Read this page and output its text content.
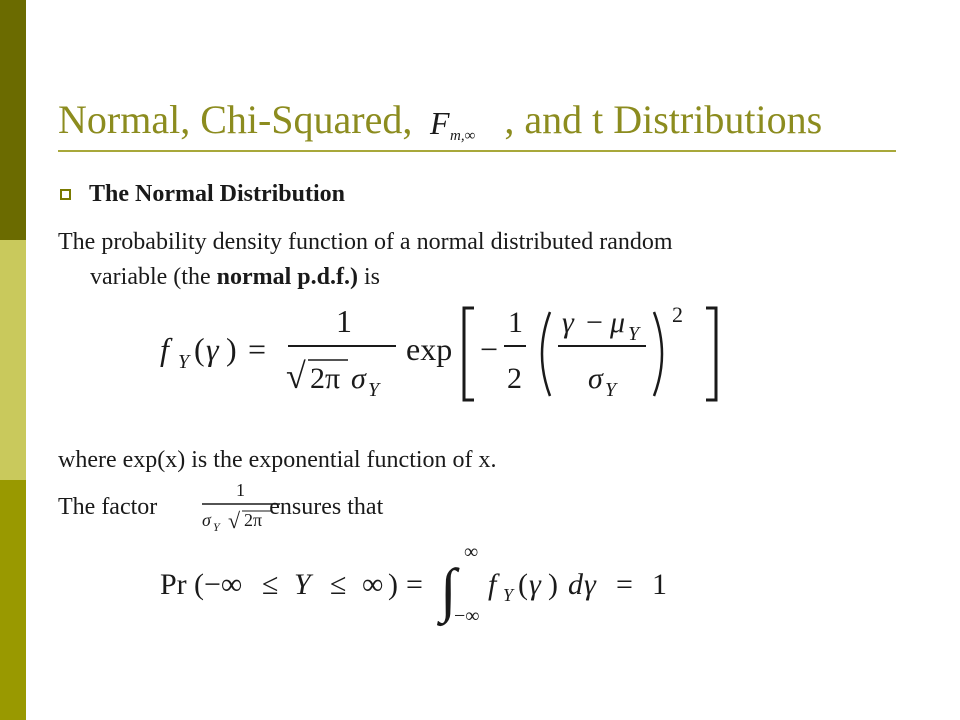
Normal, Chi-Squared, F m,∞ , and t Distributions
The Normal Distribution
The probability density function of a normal distributed random
variable (the normal p.d.f.) is
f Y ( γ ) =
1
√ 2π σ Y
exp −
1
2
γ − μ Y
σ Y
2
where exp(x) is the exponential function of x.
The factor	ensures that
1
σ Y √ 2π
Pr ( −∞ ≤ Y ≤ ∞ ) = ∫
∞
−∞
f Y ( γ ) d γ = 1
